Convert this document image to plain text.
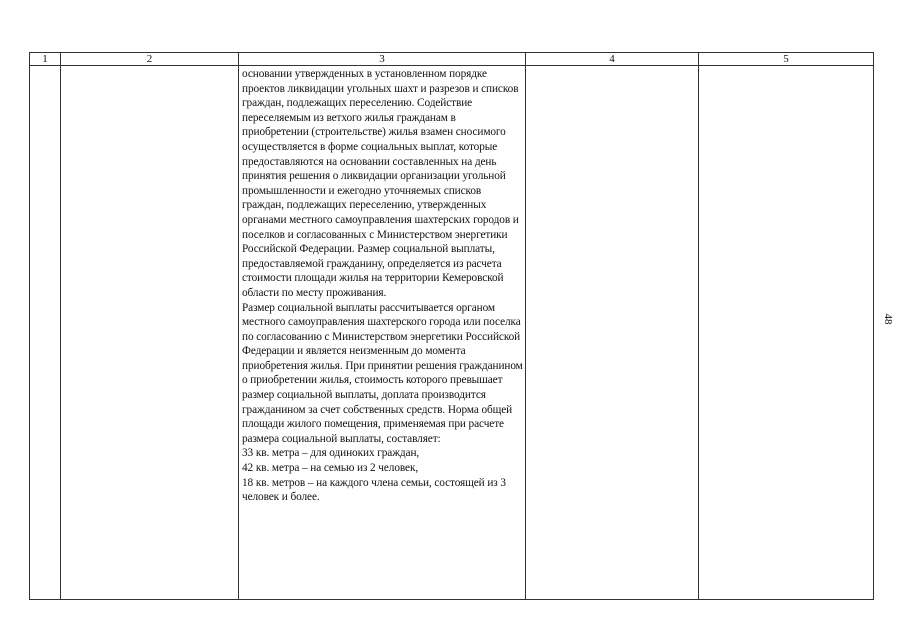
1	2	3	4	5

		основании утвержденных в установленном порядке проектов ликвидации угольных шахт и разрезов и списков граждан, подлежащих переселению. Содействие переселяемым из ветхого жилья гражданам в приобретении (строительстве) жилья взамен сносимого осуществляется в форме социальных выплат, которые предоставляются на основании составленных на день принятия решения о ликвидации организации угольной промышленности и ежегодно уточняемых списков граждан, подлежащих переселению, утвержденных органами местного самоуправления шахтерских городов и поселков и согласованных с Министерством энергетики Российской Федерации. Размер социальной выплаты, предоставляемой гражданину, определяется из расчета стоимости площади жилья на территории Кемеровской области по месту проживания.

Размер социальной выплаты рассчитывается органом местного самоуправления шахтерского города или поселка по согласованию с Министерством энергетики Российской Федерации и является неизменным до момента приобретения жилья. При принятии решения гражданином о приобретении жилья, стоимость которого превышает размер социальной выплаты, доплата производится гражданином за счет собственных средств. Норма общей площади жилого помещения, применяемая при расчете размера социальной выплаты, составляет:

33 кв. метра – для одиноких граждан,

42 кв. метра – на семью из 2 человек,

18 кв. метров – на каждого члена семьи, состоящей из 3 человек и более.		

48
